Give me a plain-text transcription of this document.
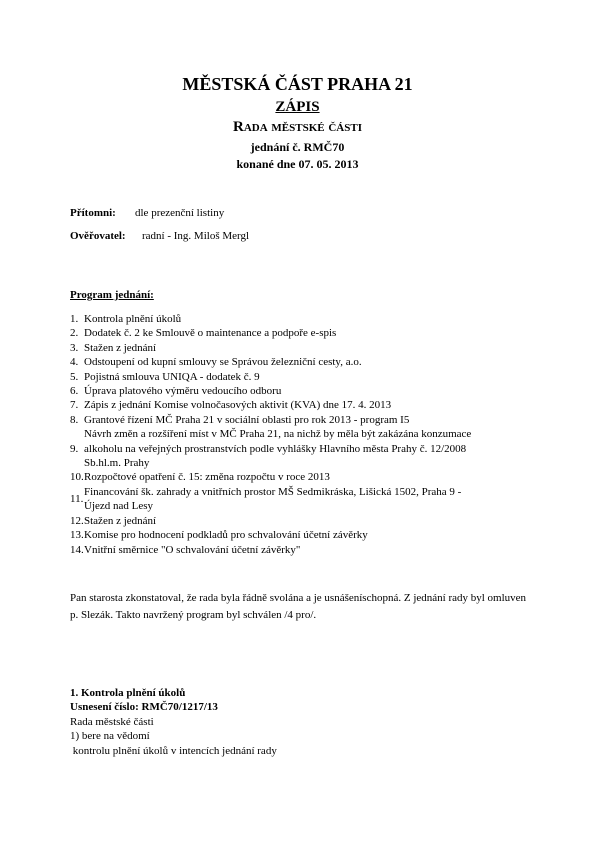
MĚSTSKÁ ČÁST PRAHA 21
ZÁPIS
Rada městské části
jednání č. RMČ70
konané dne 07. 05. 2013
Přítomni: dle prezenční listiny
Ověřovatel: radní - Ing. Miloš Mergl
Program jednání:
1. Kontrola plnění úkolů
2. Dodatek č. 2 ke Smlouvě o maintenance a podpoře e-spis
3. Stažen z jednání
4. Odstoupení od kupní smlouvy se Správou železniční cesty, a.o.
5. Pojistná smlouva UNIQA - dodatek č. 9
6. Úprava platového výměru vedoucího odboru
7. Zápis z jednání Komise volnočasových aktivit (KVA) dne 17. 4. 2013
8. Grantové řízení MČ Praha 21 v sociální oblasti pro rok 2013 - program I5
9.
Návrh změn a rozšíření míst v MČ Praha 21, na nichž by měla být zakázána konzumace
alkoholu na veřejných prostranstvích podle vyhlášky Hlavního města Prahy č. 12/2008
Sb.hl.m. Prahy
10. Rozpočtové opatření č. 15: změna rozpočtu v roce 2013
11.
Financování šk. zahrady a vnitřních prostor MŠ Sedmikráska, Lišická 1502, Praha 9 -
Újezd nad Lesy
12. Stažen z jednání
13. Komise pro hodnocení podkladů pro schvalování účetní závěrky
14. Vnitřní směrnice "O schvalování účetní závěrky"
Pan starosta zkonstatoval, že rada byla řádně svolána a je usnášeníschopná. Z jednání rady byl omluven p. Slezák. Takto navržený program byl schválen /4 pro/.
1. Kontrola plnění úkolů
Usnesení číslo: RMČ70/1217/13
Rada městské části
1) bere na vědomí
kontrolu plnění úkolů v intencích jednání rady
